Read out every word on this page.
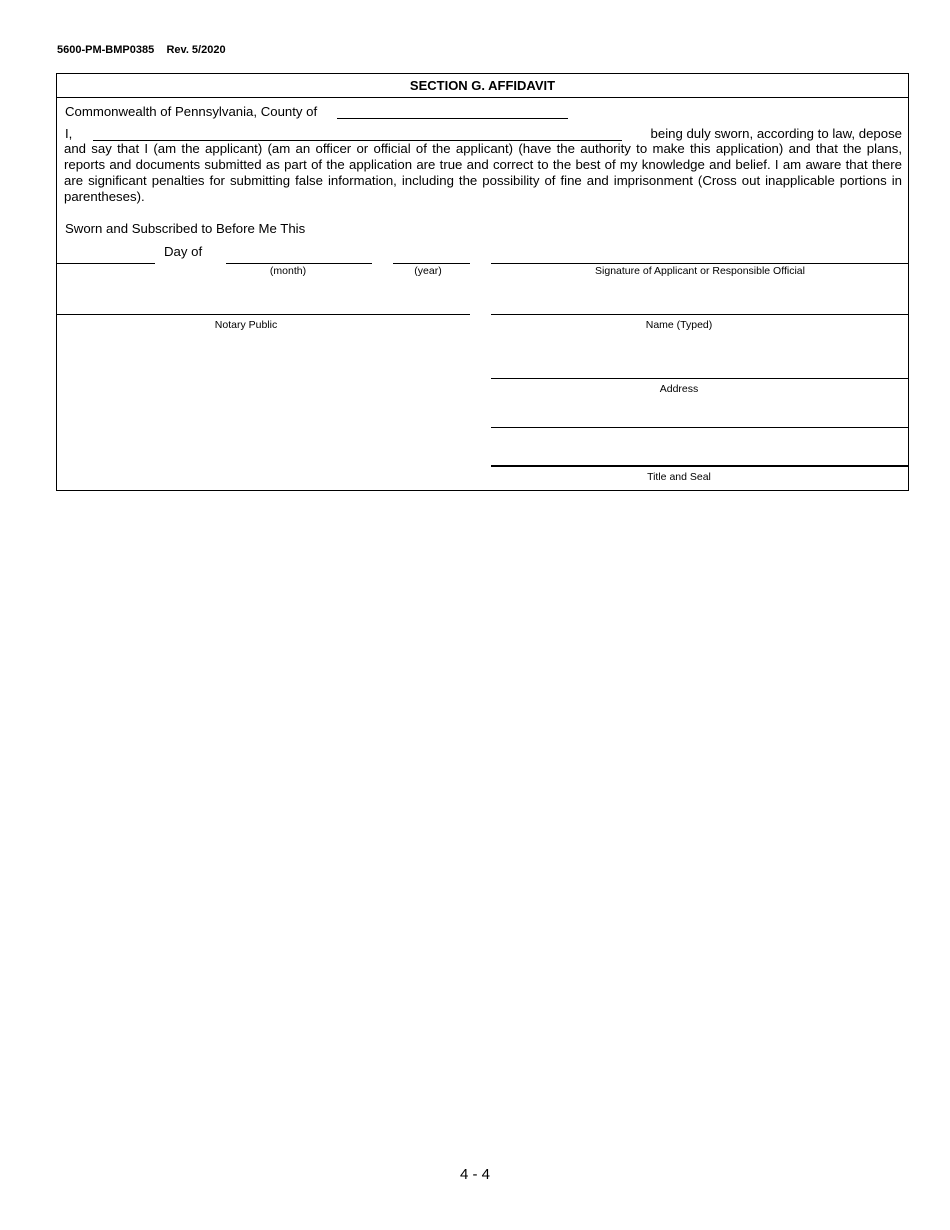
5600-PM-BMP0385 Rev. 5/2020
SECTION G. AFFIDAVIT
Commonwealth of Pennsylvania, County of
I,	being duly sworn, according to law, depose
and say that I (am the applicant) (am an officer or official of the applicant) (have the authority to make this application) and that the plans, reports and documents submitted as part of the application are true and correct to the best of my knowledge and belief. I am aware that there are significant penalties for submitting false information, including the possibility of fine and imprisonment (Cross out inapplicable portions in parentheses).
Sworn and Subscribed to Before Me This
Day of
(month)	(year)	Signature of Applicant or Responsible Official
Notary Public	Name (Typed)
Address
Title and Seal
4 - 4
